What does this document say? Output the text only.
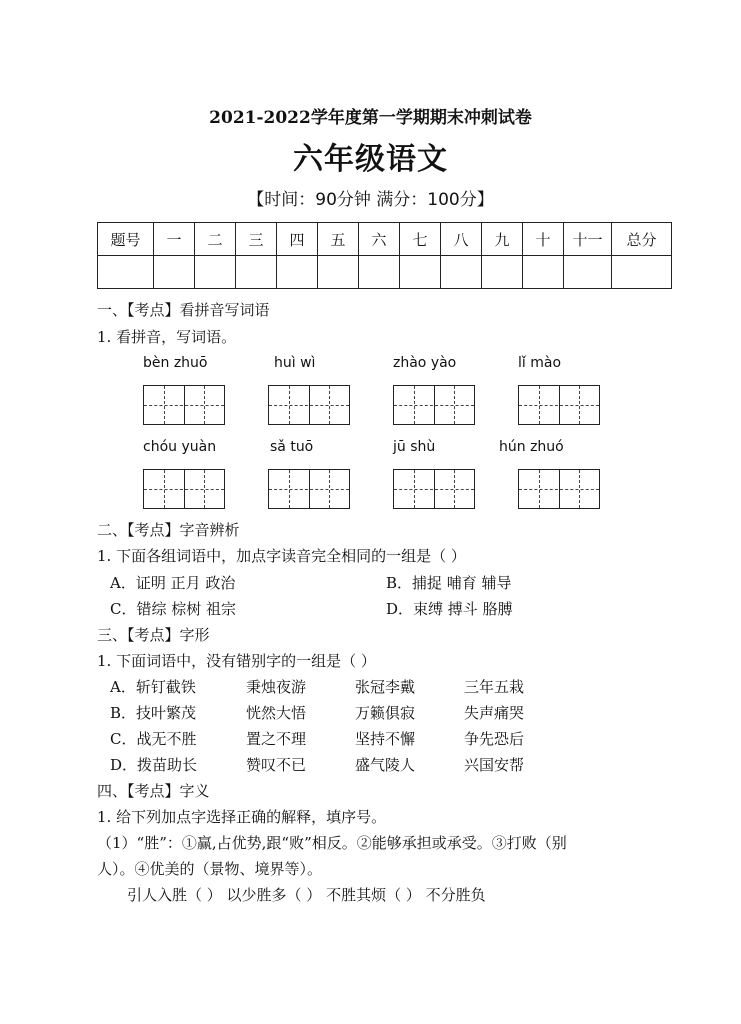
2021-2022学年度第一学期期末冲刺试卷
六年级语文
【时间：90分钟 满分：100分】
题号	一	二	三	四	五	六	七	八	九	十	十一	总分

一、【考点】看拼音写词语
1. 看拼音，写词语。
bèn zhuō	huì wì	zhào yào	lǐ mào
chóu yuàn	sǎ tuō	jū shù	hún zhuó
二、【考点】字音辨析
1. 下面各组词语中，加点字读音完全相同的一组是（ ）
A．证明 正月 政治	B．捕捉 哺育 辅导
C．错综 棕树 祖宗	D．束缚 搏斗 胳膊
三、【考点】字形
1. 下面词语中，没有错别字的一组是（ ）
A．斩钉截铁	秉烛夜游	张冠李戴	三年五栽
B．技叶繁茂	恍然大悟	万籁俱寂	失声痛哭
C．战无不胜	置之不理	坚持不懈	争先恐后
D．拨苗助长	赞叹不已	盛气陵人	兴国安帮
四、【考点】字义
1. 给下列加点字选择正确的解释，填序号。
（1）“胜”：①赢,占优势,跟“败”相反。②能够承担或承受。③打败（别
人）。④优美的（景物、境界等）。
引人入胜（ ） 以少胜多（ ） 不胜其烦（ ） 不分胜负
